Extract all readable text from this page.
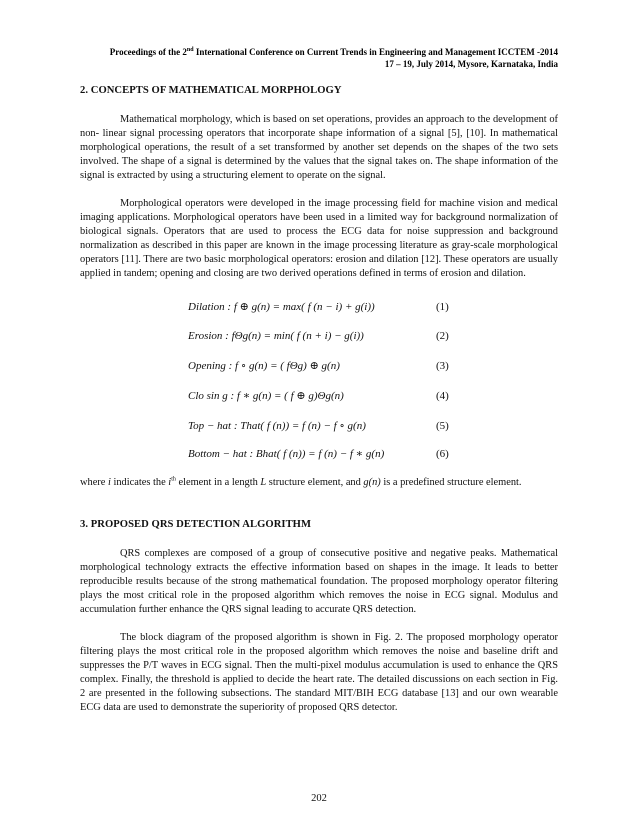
Proceedings of the 2nd International Conference on Current Trends in Engineering and Management ICCTEM -2014
17 – 19, July 2014, Mysore, Karnataka, India
2. CONCEPTS OF MATHEMATICAL MORPHOLOGY

Mathematical morphology, which is based on set operations, provides an approach to the development of non- linear signal processing operators that incorporate shape information of a signal [5], [10]. In mathematical morphological operations, the result of a set transformed by another set depends on the shapes of the two sets involved. The shape of a signal is determined by the values that the signal takes on. The shape information of the signal is extracted by using a structuring element to operate on the signal.

Morphological operators were developed in the image processing field for machine vision and medical imaging applications. Morphological operators have been used in a limited way for background normalization of biological signals. Operators that are used to process the ECG data for noise suppression and background normalization as described in this paper are known in the image processing literature as gray-scale morphological operators [11]. There are two basic morphological operators: erosion and dilation [12]. These operators are usually applied in tandem; opening and closing are two derived operations defined in terms of erosion and dilation.

Dilation : f ⊕ g(n) = max( f (n − i) + g(i))	(1)
Erosion : fΘg(n) = min( f (n + i) − g(i))	(2)
Opening : f ∘ g(n) = ( fΘg) ⊕ g(n)	(3)
Clo sin g : f ∗ g(n) = ( f ⊕ g)Θg(n)	(4)
Top − hat : That( f (n)) = f (n) − f ∘ g(n)	(5)
Bottom − hat : Bhat( f (n)) = f (n) − f ∗ g(n)	(6)

where i indicates the $i^{th}$ element in a length L structure element, and g(n) is a predefined structure element.

3. PROPOSED QRS DETECTION ALGORITHM

QRS complexes are composed of a group of consecutive positive and negative peaks. Mathematical morphological technology extracts the effective information based on shapes in the image. It leads to better reproducible results because of the strong mathematical foundation. The proposed morphology operator filtering plays the most critical role in the proposed algorithm which removes the noise in ECG signal. Modulus and accumulation further enhance the QRS signal leading to accurate QRS detection.

The block diagram of the proposed algorithm is shown in Fig. 2. The proposed morphology operator filtering plays the most critical role in the proposed algorithm which removes the noise and baseline drift and suppresses the P/T waves in ECG signal. Then the multi-pixel modulus accumulation is used to enhance the QRS complex. Finally, the threshold is applied to decide the heart rate. The detailed discussions on each section in Fig. 2 are presented in the following subsections. The standard MIT/BIH ECG database [13] and our own wearable ECG data are used to demonstrate the superiority of proposed QRS detector.

202
